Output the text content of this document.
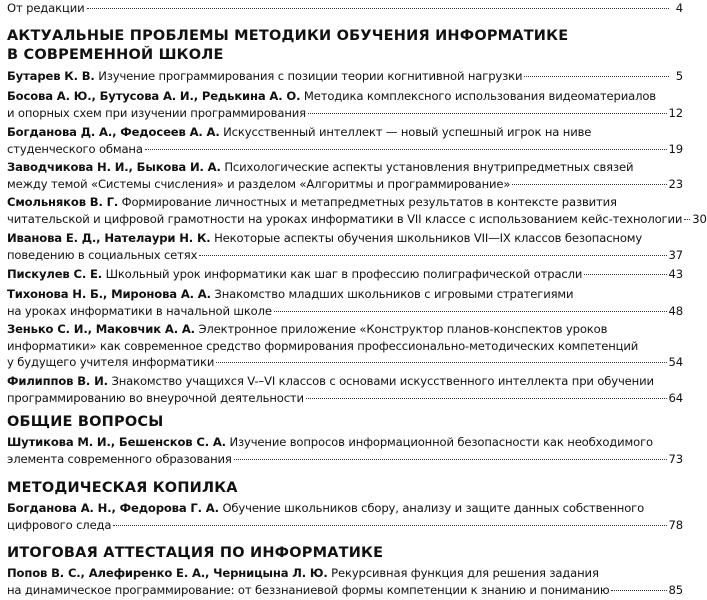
От редакции	4
АКТУАЛЬНЫЕ ПРОБЛЕМЫ МЕТОДИКИ ОБУЧЕНИЯ ИНФОРМАТИКЕ
В СОВРЕМЕННОЙ ШКОЛЕ
Бутарев К. В. Изучение программирования с позиции теории когнитивной нагрузки	5
Босова А. Ю., Бутусова А. И., Редькина А. О. Методика комплексного использования видеоматериалов
и опорных схем при изучении программирования	12
Богданова Д. А., Федосеев А. А. Искусственный интеллект — новый успешный игрок на ниве
студенческого обмана	19
Заводчикова Н. И., Быкова И. А. Психологические аспекты установления внутрипредметных связей
между темой «Системы счисления» и разделом «Алгоритмы и программирование»	23
Смольняков В. Г. Формирование личностных и метапредметных результатов в контексте развития
читательской и цифровой грамотности на уроках информатики в VII классе с использованием кейс-технологии 30
Иванова Е. Д., Нателаури Н. К. Некоторые аспекты обучения школьников VII—IX классов безопасному
поведению в социальных сетях	37
Пискулев С. Е. Школьный урок информатики как шаг в профессию полиграфической отрасли	43
Тихонова Н. Б., Миронова А. А. Знакомство младших школьников с игровыми стратегиями
на уроках информатики в начальной школе	48
Зенько С. И., Маковчик А. А. Электронное приложение «Конструктор планов-конспектов уроков
информатики» как современное средство формирования профессионально-методических компетенций
у будущего учителя информатики	54
Филиппов В. И. Знакомство учащихся V-–VI классов с основами искусственного интеллекта при обучении
программированию во внеурочной деятельности	64
ОБЩИЕ ВОПРОСЫ
Шутикова М. И., Бешенсков С. А. Изучение вопросов информационной безопасности как необходимого
элемента современного образования	73
МЕТОДИЧЕСКАЯ КОПИЛКА
Богданова А. Н., Федорова Г. А. Обучение школьников сбору, анализу и защите данных собственного
цифрового следа	78
ИТОГОВАЯ АТТЕСТАЦИЯ ПО ИНФОРМАТИКЕ
Попов В. С., Алефиренко Е. А., Черницына Л. Ю. Рекурсивная функция для решения задания
на динамическое программирование: от беззнаниевой формы компетенции к знанию и пониманию	85
